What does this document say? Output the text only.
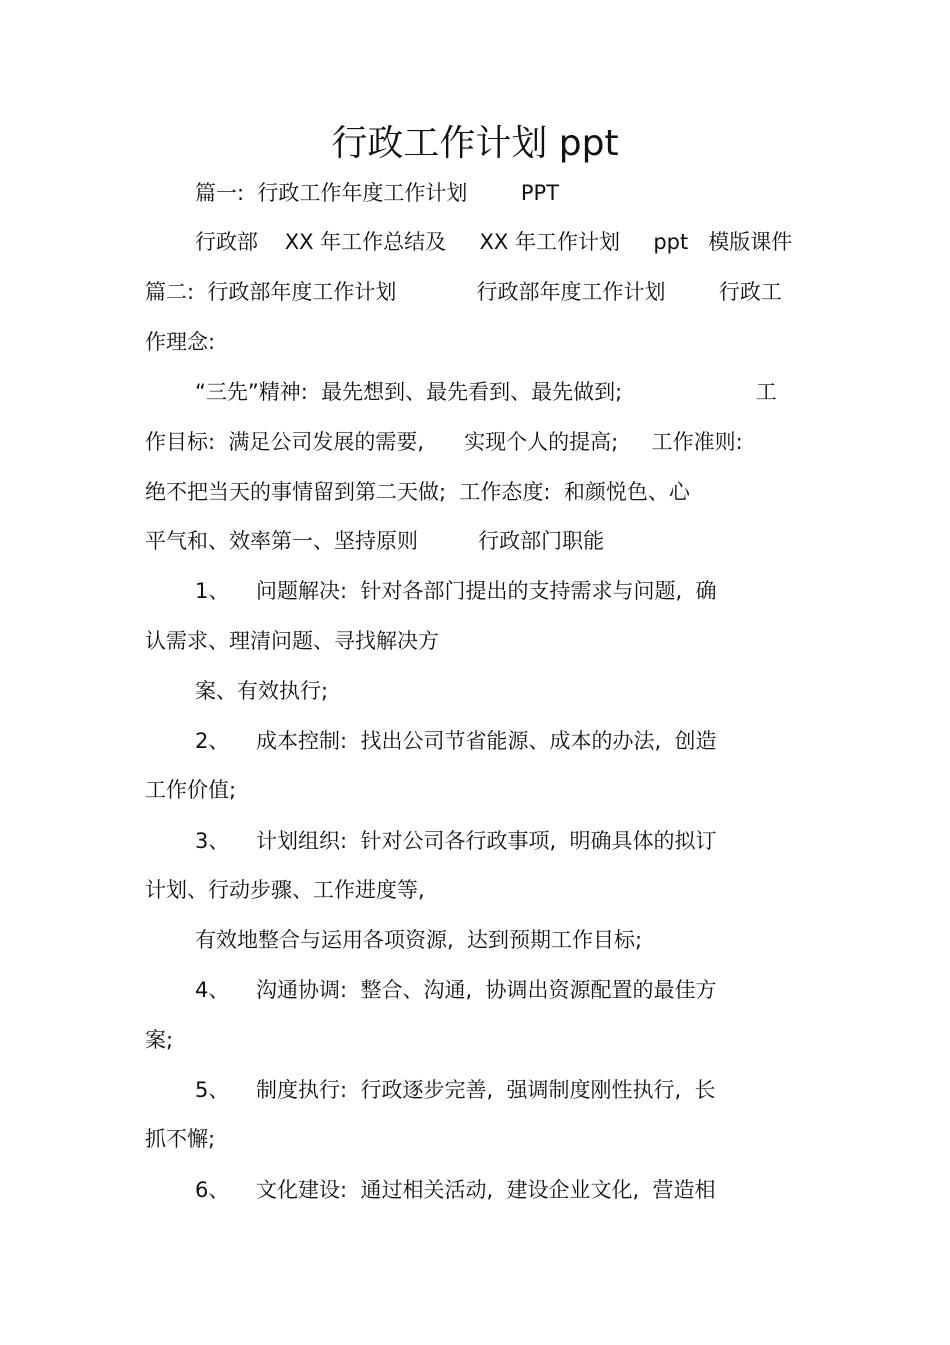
行政工作计划 ppt
篇一:  行政工作年度工作计划        PPT
行政部    XX 年工作总结及     XX 年工作计划     ppt   模版课件
篇二:  行政部年度工作计划            行政部年度工作计划        行政工
作理念:
“三先”精神:  最先想到、最先看到、最先做到;                    工
作目标:  满足公司发展的需要,      实现个人的提高;     工作准则:
绝不把当天的事情留到第二天做;  工作态度:  和颜悦色、心
平气和、效率第一、坚持原则         行政部门职能
1、    问题解决:  针对各部门提出的支持需求与问题,  确
认需求、理清问题、寻找解决方
案、有效执行;
2、    成本控制:  找出公司节省能源、成本的办法,  创造
工作价值;
3、    计划组织:  针对公司各行政事项,  明确具体的拟订
计划、行动步骤、工作进度等,
有效地整合与运用各项资源,  达到预期工作目标;
4、    沟通协调:  整合、沟通,  协调出资源配置的最佳方
案;
5、    制度执行:  行政逐步完善,  强调制度刚性执行,  长
抓不懈;
6、    文化建设:  通过相关活动,  建设企业文化,  营造相
